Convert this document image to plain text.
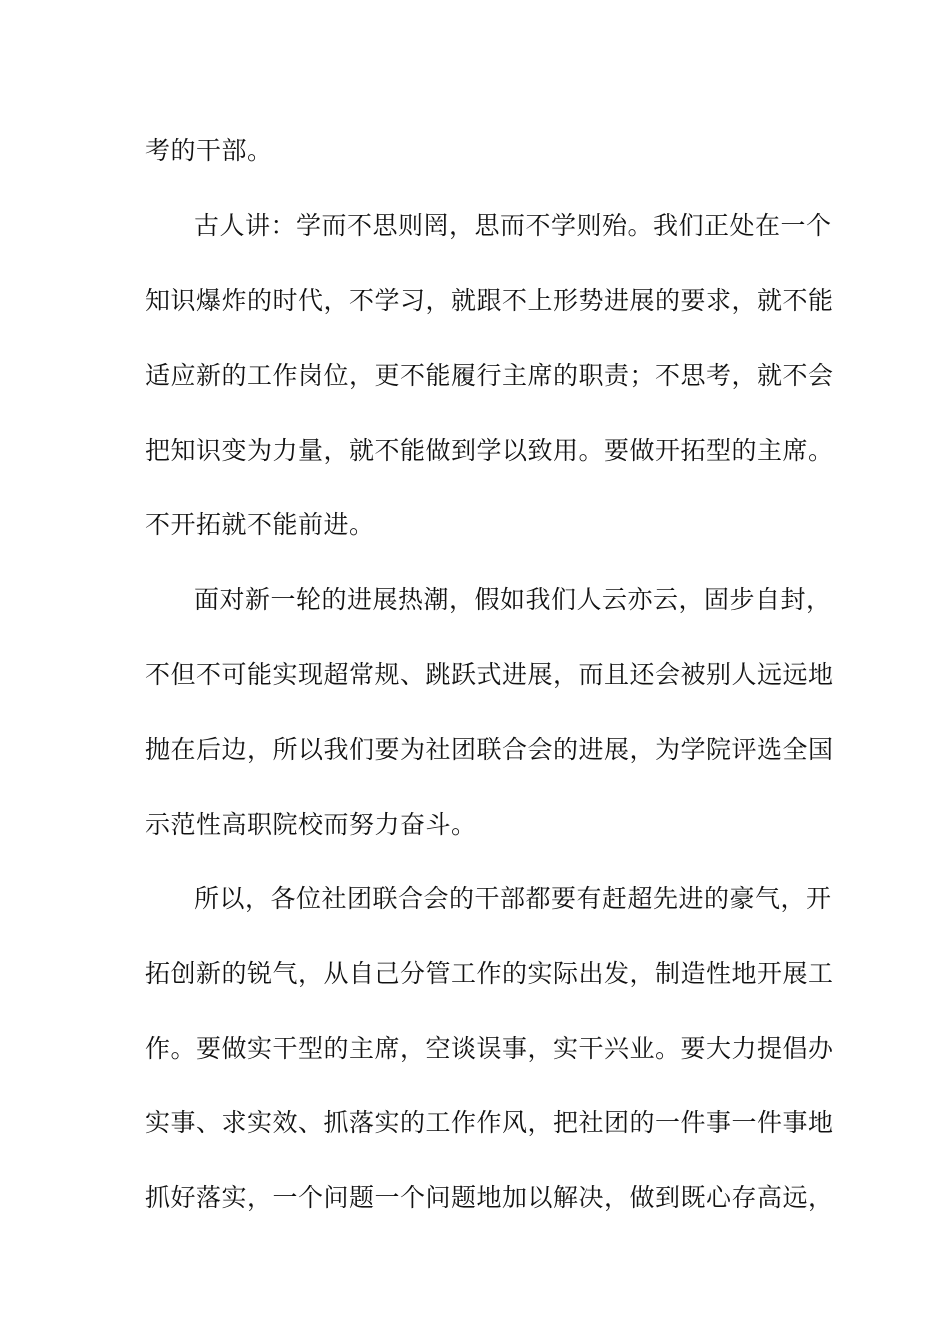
考的干部。
古人讲：学而不思则罔，思而不学则殆。我们正处在一个
知识爆炸的时代，不学习，就跟不上形势进展的要求，就不能
适应新的工作岗位，更不能履行主席的职责；不思考，就不会
把知识变为力量，就不能做到学以致用。要做开拓型的主席。
不开拓就不能前进。
面对新一轮的进展热潮，假如我们人云亦云，固步自封，
不但不可能实现超常规、跳跃式进展，而且还会被别人远远地
抛在后边，所以我们要为社团联合会的进展，为学院评选全国
示范性高职院校而努力奋斗。
所以，各位社团联合会的干部都要有赶超先进的豪气，开
拓创新的锐气，从自己分管工作的实际出发，制造性地开展工
作。要做实干型的主席，空谈误事，实干兴业。要大力提倡办
实事、求实效、抓落实的工作作风，把社团的一件事一件事地
抓好落实，一个问题一个问题地加以解决，做到既心存高远，
